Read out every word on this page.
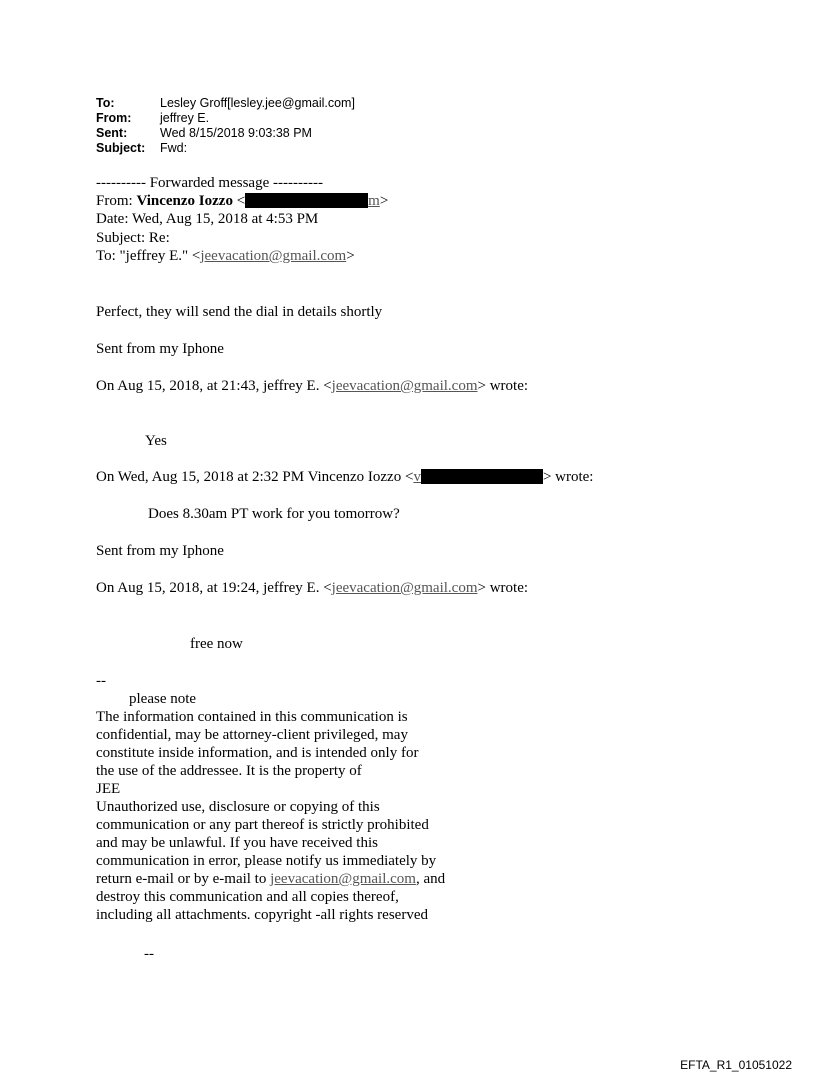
To:	Lesley Groff[lesley.jee@gmail.com]
From: jeffrey E.
Sent:	Wed 8/15/2018 9:03:38 PM
Subject: Fwd:
---------- Forwarded message ----------
From: Vincenzo Iozzo <	m>
Date: Wed, Aug 15, 2018 at 4:53 PM
Subject: Re:
To: "jeffrey E." <jeevacation@gmail.com>
Perfect, they will send the dial in details shortly
Sent from my Iphone
On Aug 15, 2018, at 21:43, jeffrey E. <jeevacation@gmail.com> wrote:
Yes
On Wed, Aug 15, 2018 at 2:32 PM Vincenzo Iozzo <v	> wrote:
Does 8.30am PT work for you tomorrow?
Sent from my Iphone
On Aug 15, 2018, at 19:24, jeffrey E. <jeevacation@gmail.com> wrote:
free now
--
please note
The information contained in this communication is
confidential, may be attorney-client privileged, may
constitute inside information, and is intended only for
the use of the addressee. It is the property of
JEE
Unauthorized use, disclosure or copying of this
communication or any part thereof is strictly prohibited
and may be unlawful. If you have received this
communication in error, please notify us immediately by
return e-mail or by e-mail to jeevacation@gmail.com, and
destroy this communication and all copies thereof,
including all attachments. copyright -all rights reserved
--
EFTA_R1_01051022
